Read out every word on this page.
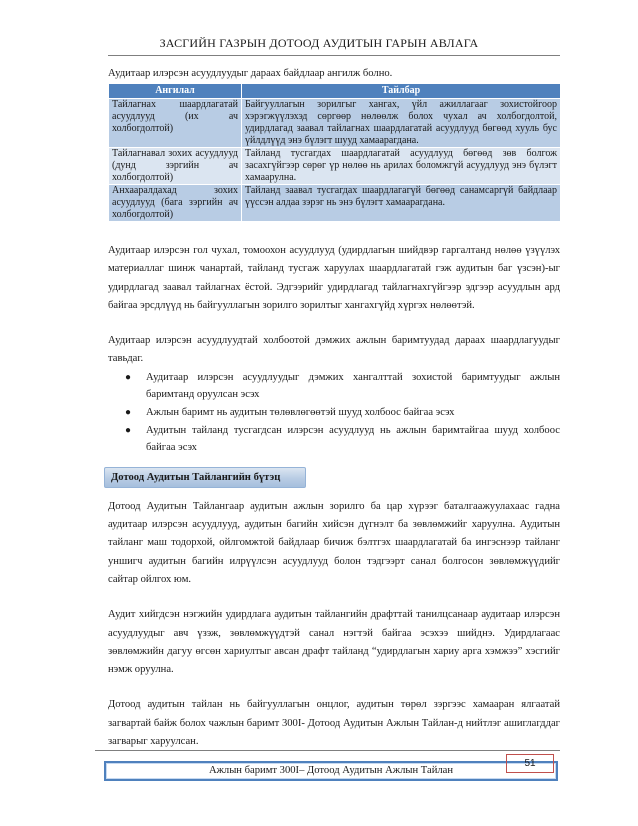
ЗАСГИЙН ГАЗРЫН ДОТООД АУДИТЫН ГАРЫН АВЛАГА

Аудитаар илэрсэн асуудлуудыг дараах байдлаар ангилж болно.

Ангилал	Тайлбар
Тайлагнах шаардлагатай асуудлууд (их ач холбогдолтой)	Байгууллагын зорилгыг хангах, үйл ажиллагааг зохистойгоор хэрэгжүүлэхэд сөргөөр нөлөөлж болох чухал ач холбогдолтой, удирдлагад заавал тайлагнах шаардлагатай асуудлууд бөгөөд хууль бус үйлдлүүд энэ бүлэгт шууд хамаарагдана.
Тайлагнавал зохих асуудлууд (дунд зэргийн ач холбогдолтой)	Тайланд тусгагдах шаардлагатай асуудлууд бөгөөд зөв болгож засахгүйгээр сөрөг үр нөлөө нь арилах боломжгүй асуудлууд энэ бүлэгт хамаарулна.
Анхааралдахад зохих асуудлууд (бага зэргийн ач холбогдолтой)	Тайланд заавал тусгагдах шаардлагагүй бөгөөд санамсаргүй байдлаар үүссэн алдаа зэрэг нь энэ бүлэгт хамаарагдана.

Аудитаар илэрсэн гол чухал, томоохон асуудлууд (удирдлагын шийдвэр гаргалтанд нөлөө үзүүлэх материаллаг шинж чанартай, тайланд тусгаж харуулах шаардлагатай гэж аудитын баг үзсэн)-ыг удирдлагад заавал тайлагнах ёстой. Эдгээрийг удирдлагад тайлагнахгүйгээр эдгээр асуудлын ард байгаа эрсдлүүд нь байгууллагын зорилго зорилтыг хангахгүйд хүргэх нөлөөтэй.

Аудитаар илэрсэн асуудлуудтай холбоотой дэмжих ажлын баримтуудад дараах шаардлагуудыг тавьдаг.

● Аудитаар илэрсэн асуудлуудыг дэмжих хангалттай зохистой баримтуудыг ажлын баримтанд оруулсан эсэх
● Ажлын баримт нь аудитын төлөвлөгөөтэй шууд холбоос байгаа эсэх
● Аудитын тайланд тусгагдсан илэрсэн асуудлууд нь ажлын баримтайгаа шууд холбоос байгаа эсэх
Дотоод Аудитын Тайлангийн бүтэц

Дотоод Аудитын Тайлангаар аудитын ажлын зорилго ба цар хүрээг баталгаажуулахаас гадна аудитаар илэрсэн асуудлууд, аудитын багийн хийсэн дүгнэлт ба зөвлөмжийг харуулна. Аудитын тайланг маш тодорхой, ойлгомжтой байдлаар бичиж бэлтгэх шаардлагатай ба ингэснээр тайланг уншигч аудитын багийн илрүүлсэн асуудлууд болон тэдгээрт санал болгосон зөвлөмжүүдийг сайтар ойлгох юм.

Аудит хийгдсэн нэгжийн удирдлага аудитын тайлангийн драфттай танилцсанаар аудитаар илэрсэн асуудлуудыг авч үзэж, зөвлөмжүүдтэй санал нэгтэй байгаа эсэхээ шийднэ. Удирдлагаас зөвлөмжийн дагуу өгсөн хариултыг авсан драфт тайланд “удирдлагын хариу арга хэмжээ” хэсгийг нэмж оруулна.

Дотоод аудитын тайлан нь байгууллагын онцлог, аудитын төрөл зэргээс хамааран ялгаатай загвартай байж болох чажлын баримт 300I- Дотоод Аудитын Ажлын Тайлан-д нийтлэг ашиглагддаг загварыг харуулсан.

Ажлын баримт 300I– Дотоод Аудитын Ажлын Тайлан
51
